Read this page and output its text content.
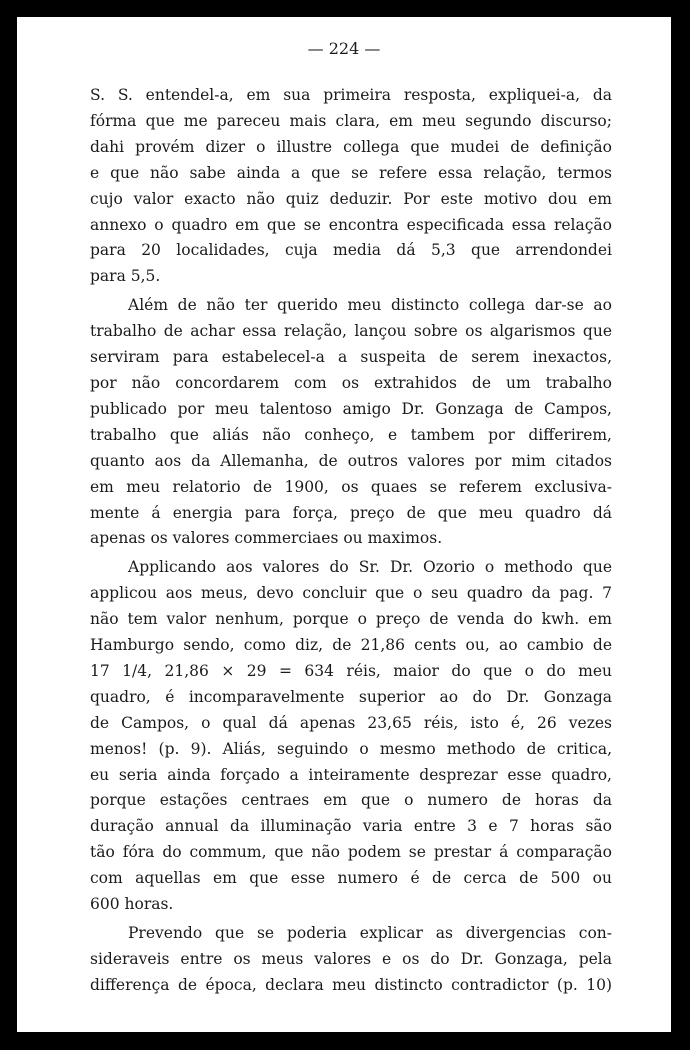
— 224 —

S. S. entendel-a, em sua primeira resposta, expliquei-a, da
fórma que me pareceu mais clara, em meu segundo discurso;
dahi provém dizer o illustre collega que mudei de definição
e que não sabe ainda a que se refere essa relação, termos
cujo valor exacto não quiz deduzir. Por este motivo dou em
annexo o quadro em que se encontra especificada essa relação
para 20 localidades, cuja media dá 5,3 que arrendondei
para 5,5.
Além de não ter querido meu distincto collega dar-se ao
trabalho de achar essa relação, lançou sobre os algarismos que
serviram para estabelecel-a a suspeita de serem inexactos,
por não concordarem com os extrahidos de um trabalho
publicado por meu talentoso amigo Dr. Gonzaga de Campos,
trabalho que aliás não conheço, e tambem por differirem,
quanto aos da Allemanha, de outros valores por mim citados
em meu relatorio de 1900, os quaes se referem exclusiva-
mente á energia para força, preço de que meu quadro dá
apenas os valores commerciaes ou maximos.
Applicando aos valores do Sr. Dr. Ozorio o methodo que
applicou aos meus, devo concluir que o seu quadro da pag. 7
não tem valor nenhum, porque o preço de venda do kwh. em
Hamburgo sendo, como diz, de 21,86 cents ou, ao cambio de
17 1/4, 21,86 × 29 = 634 réis, maior do que o do meu
quadro, é incomparavelmente superior ao do Dr. Gonzaga
de Campos, o qual dá apenas 23,65 réis, isto é, 26 vezes
menos! (p. 9). Aliás, seguindo o mesmo methodo de critica,
eu seria ainda forçado a inteiramente desprezar esse quadro,
porque estações centraes em que o numero de horas da
duração annual da illuminação varia entre 3 e 7 horas são
tão fóra do commum, que não podem se prestar á comparação
com aquellas em que esse numero é de cerca de 500 ou
600 horas.
Prevendo que se poderia explicar as divergencias con-
sideraveis entre os meus valores e os do Dr. Gonzaga, pela
differença de época, declara meu distincto contradictor (p. 10)
